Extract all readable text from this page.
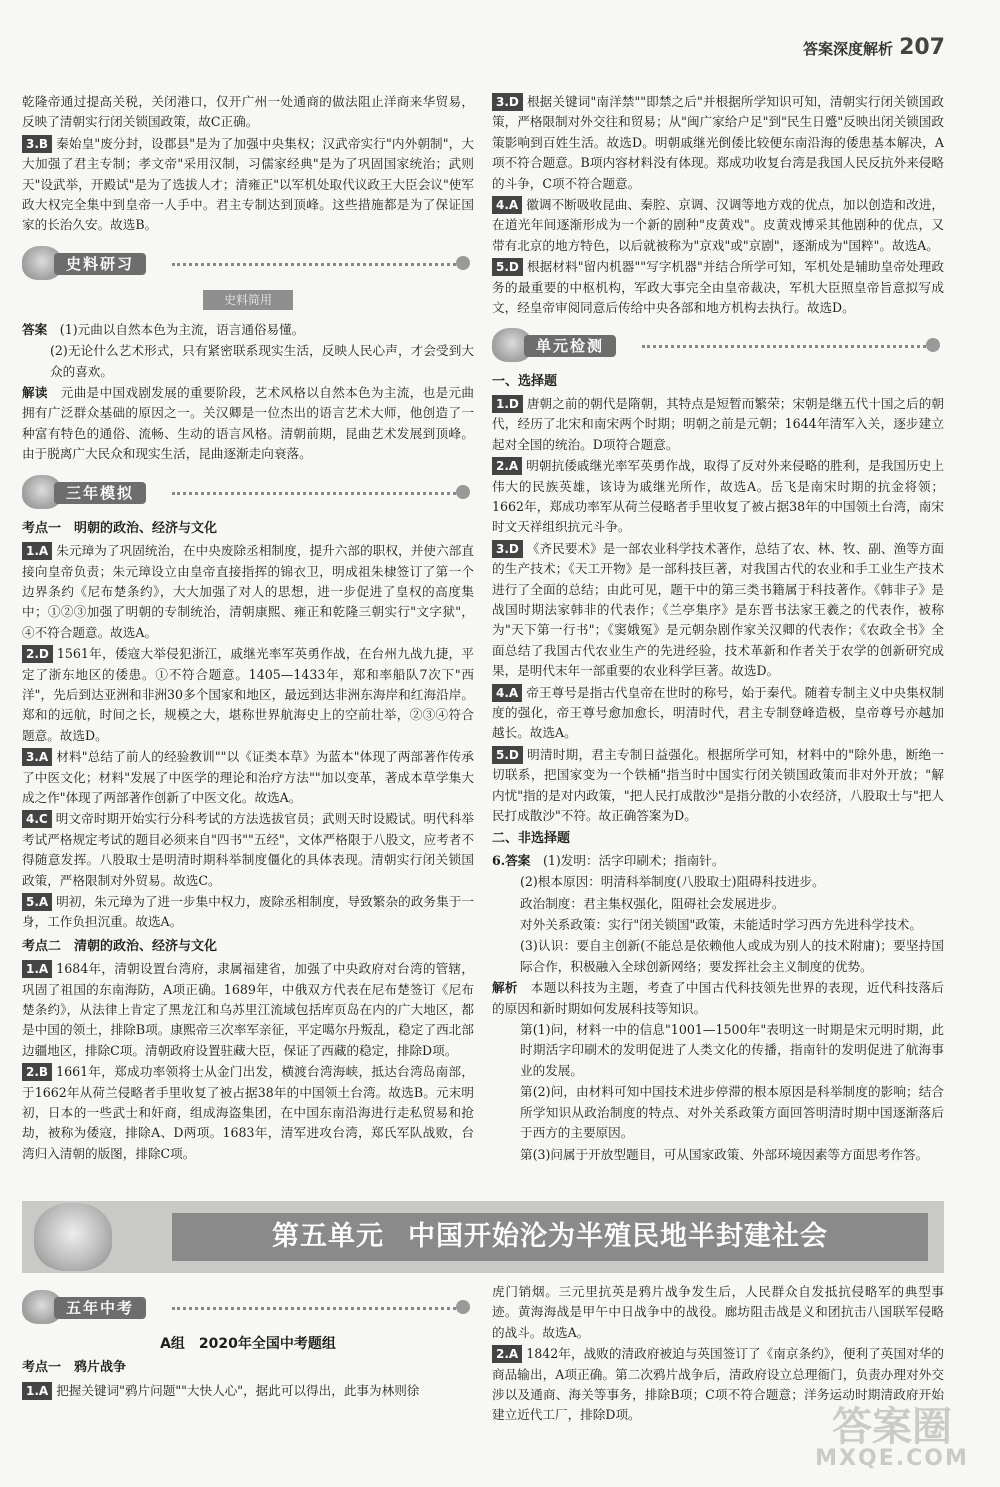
答案深度解析 207

乾隆帝通过提高关税，关闭港口，仅开广州一处通商的做法阻止洋商来华贸易，反映了清朝实行闭关锁国政策，故C正确。

3.B 秦始皇"废分封，设郡县"是为了加强中央集权；汉武帝实行"内外朝制"，大大加强了君主专制；孝文帝"采用汉制，习儒家经典"是为了巩固国家统治；武则天"设武举，开殿试"是为了选拔人才；清雍正"以军机处取代议政王大臣会议"使军政大权完全集中到皇帝一人手中。君主专制达到顶峰。这些措施都是为了保证国家的长治久安。故选B。

史料研习
史料简用

答案　 (1)元曲以自然本色为主流，语言通俗易懂。

(2)无论什么艺术形式，只有紧密联系现实生活，反映人民心声，才会受到大众的喜欢。

解读　 元曲是中国戏剧发展的重要阶段，艺术风格以自然本色为主流，也是元曲拥有广泛群众基础的原因之一。关汉卿是一位杰出的语言艺术大师，他创造了一种富有特色的通俗、流畅、生动的语言风格。清朝前期，昆曲艺术发展到顶峰。由于脱离广大民众和现实生活，昆曲逐渐走向衰落。

三年模拟
考点一　明朝的政治、经济与文化

1.A 朱元璋为了巩固统治，在中央废除丞相制度，提升六部的职权，并使六部直接向皇帝负责；朱元璋设立由皇帝直接指挥的锦衣卫，明成祖朱棣签订了第一个边界条约《尼布楚条约》，大大加强了对人的思想，进一步促进了皇权的高度集中；①②③加强了明朝的专制统治，清朝康熙、雍正和乾隆三朝实行"文字狱"，④不符合题意。故选A。

2.D 1561年，倭寇大举侵犯浙江，戚继光率军英勇作战，在台州九战九捷，平定了浙东地区的倭患。①不符合题意。1405—1433年，郑和率船队7次下"西洋"，先后到达亚洲和非洲30多个国家和地区，最远到达非洲东海岸和红海沿岸。郑和的远航，时间之长，规模之大，堪称世界航海史上的空前壮举，②③④符合题意。故选D。

3.A 材料"总结了前人的经验教训""以《证类本草》为蓝本"体现了两部著作传承了中医文化；材料"发展了中医学的理论和治疗方法""加以变革，著成本草学集大成之作"体现了两部著作创新了中医文化。故选A。

4.C 明文帝时期开始实行分科考试的方法选拔官员；武则天时设殿试。明代科举考试严格规定考试的题目必须来自"四书""五经"，文体严格限于八股文，应考者不得随意发挥。八股取士是明清时期科举制度僵化的具体表现。清朝实行闭关锁国政策，严格限制对外贸易。故选C。

5.A 明初，朱元璋为了进一步集中权力，废除丞相制度，导致繁杂的政务集于一身，工作负担沉重。故选A。

考点二　清朝的政治、经济与文化

1.A 1684年，清朝设置台湾府，隶属福建省，加强了中央政府对台湾的管辖，巩固了祖国的东南海防，A项正确。1689年，中俄双方代表在尼布楚签订《尼布楚条约》，从法律上肯定了黑龙江和乌苏里江流域包括库页岛在内的广大地区，都是中国的领土，排除B项。康熙帝三次率军亲征，平定噶尔丹叛乱，稳定了西北部边疆地区，排除C项。清朝政府设置驻藏大臣，保证了西藏的稳定，排除D项。

2.B 1661年，郑成功率领将士从金门出发，横渡台湾海峡，抵达台湾岛南部，于1662年从荷兰侵略者手里收复了被占据38年的中国领土台湾。故选B。元末明初，日本的一些武士和奸商，组成海盗集团，在中国东南沿海进行走私贸易和抢劫，被称为倭寇，排除A、D两项。1683年，清军进攻台湾，郑氏军队战败，台湾归入清朝的版图，排除C项。

3.D 根据关键词"南洋禁""即禁之后"并根据所学知识可知，清朝实行闭关锁国政策，严格限制对外交往和贸易；从"闽广家给户足"到"民生日蹙"反映出闭关锁国政策影响到百姓生活。故选D。明朝戚继光倒倭比较便东南沿海的倭患基本解决，A项不符合题意。B项内容材料没有体现。郑成功收复台湾是我国人民反抗外来侵略的斗争，C项不符合题意。

4.A 徽调不断吸收昆曲、秦腔、京调、汉调等地方戏的优点，加以创造和改进，在道光年间逐渐形成为一个新的剧种"皮黄戏"。皮黄戏博采其他剧种的优点，又带有北京的地方特色，以后就被称为"京戏"或"京剧"，逐渐成为"国粹"。故选A。

5.D 根据材料"留内机器""写字机器"并结合所学可知，军机处是辅助皇帝处理政务的最重要的中枢机构，军政大事完全由皇帝裁决，军机大臣照皇帝旨意拟写成文，经皇帝审阅同意后传给中央各部和地方机构去执行。故选D。

单元检测
一、选择题

1.D 唐朝之前的朝代是隋朝，其特点是短暂而繁荣；宋朝是继五代十国之后的朝代，经历了北宋和南宋两个时期；明朝之前是元朝；1644年清军入关，逐步建立起对全国的统治。D项符合题意。

2.A 明朝抗倭戚继光率军英勇作战，取得了反对外来侵略的胜利，是我国历史上伟大的民族英雄，该诗为戚继光所作，故选A。岳飞是南宋时期的抗金将领；1662年，郑成功率军从荷兰侵略者手里收复了被占据38年的中国领土台湾，南宋时文天祥组织抗元斗争。

3.D 《齐民要术》是一部农业科学技术著作，总结了农、林、牧、副、渔等方面的生产技术；《天工开物》是一部科技巨著，对我国古代的农业和手工业生产技术进行了全面的总结；由此可见，题干中的第三类书籍属于科技著作。《韩非子》是战国时期法家韩非的代表作；《兰亭集序》是东晋书法家王羲之的代表作，被称为"天下第一行书"；《窦娥冤》是元朝杂剧作家关汉卿的代表作；《农政全书》全面总结了我国古代农业生产的先进经验，技术革新和作者关于农学的创新研究成果，是明代末年一部重要的农业科学巨著。故选D。

4.A 帝王尊号是指古代皇帝在世时的称号，始于秦代。随着专制主义中央集权制度的强化，帝王尊号愈加愈长，明清时代，君主专制登峰造极，皇帝尊号亦越加越长。故选A。

5.D 明清时期，君主专制日益强化。根据所学可知，材料中的"除外患，断绝一切联系，把国家变为一个铁桶"指当时中国实行闭关锁国政策而非对外开放；"解内忧"指的是对内政策，"把人民打成散沙"是指分散的小农经济，八股取士与"把人民打成散沙"不符。故正确答案为D。

二、非选择题

6.答案　 (1)发明：活字印刷术；指南针。

(2)根本原因：明清科举制度(八股取士)阻碍科技进步。

政治制度：君主集权强化，阻碍社会发展进步。

对外关系政策：实行"闭关锁国"政策，未能适时学习西方先进科学技术。

(3)认识：要自主创新(不能总是依赖他人或成为别人的技术附庸)；要坚持国际合作，积极融入全球创新网络；要发挥社会主义制度的优势。

解析　 本题以科技为主题，考查了中国古代科技领先世界的表现，近代科技落后的原因和新时期如何发展科技等知识。

第(1)问，材料一中的信息"1001—1500年"表明这一时期是宋元明时期，此时期活字印刷术的发明促进了人类文化的传播，指南针的发明促进了航海事业的发展。

第(2)问，由材料可知中国技术进步停滞的根本原因是科举制度的影响；结合所学知识从政治制度的特点、对外关系政策方面回答明清时期中国逐渐落后于西方的主要原因。

第(3)问属于开放型题目，可从国家政策、外部环境因素等方面思考作答。

第五单元 中国开始沦为半殖民地半封建社会
五年中考
A组　2020年全国中考题组
考点一　鸦片战争

1.A 把握关键词"鸦片问题""大快人心"，据此可以得出，此事为林则徐

虎门销烟。三元里抗英是鸦片战争发生后，人民群众自发抵抗侵略军的典型事迹。黄海海战是甲午中日战争中的战役。廊坊阻击战是义和团抗击八国联军侵略的战斗。故选A。

2.A 1842年，战败的清政府被迫与英国签订了《南京条约》，便利了英国对华的商品输出，A项正确。第二次鸦片战争后，清政府设立总理衙门，负责办理对外交涉以及通商、海关等事务，排除B项；C项不符合题意；洋务运动时期清政府开始建立近代工厂，排除D项。	答案圈
MXQE.COM
